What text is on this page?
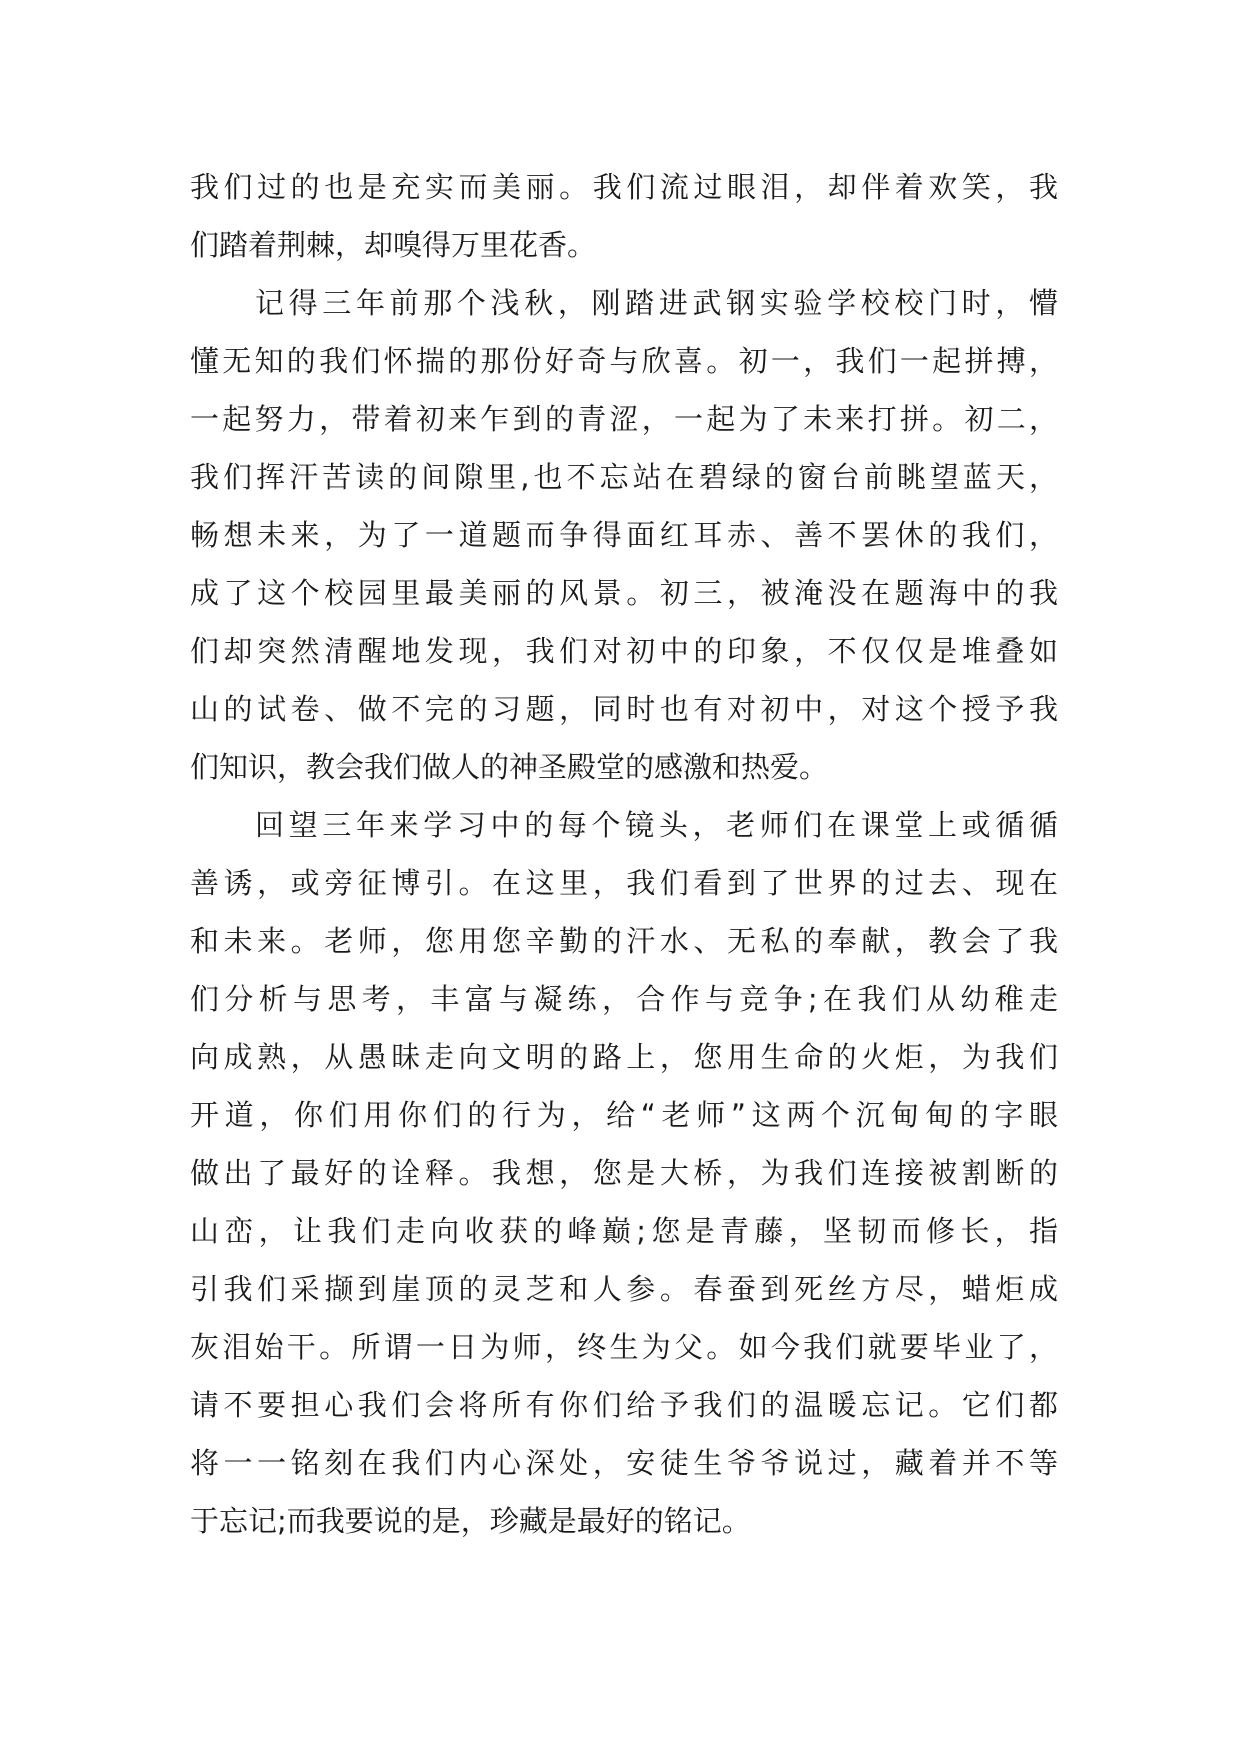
我们过的也是充实而美丽。我们流过眼泪，却伴着欢笑，我
们踏着荆棘，却嗅得万里花香。
记得三年前那个浅秋，刚踏进武钢实验学校校门时，懵
懂无知的我们怀揣的那份好奇与欣喜。初一，我们一起拼搏，
一起努力，带着初来乍到的青涩，一起为了未来打拼。初二，
我们挥汗苦读的间隙里,也不忘站在碧绿的窗台前眺望蓝天，
畅想未来，为了一道题而争得面红耳赤、善不罢休的我们，
成了这个校园里最美丽的风景。初三，被淹没在题海中的我
们却突然清醒地发现，我们对初中的印象，不仅仅是堆叠如
山的试卷、做不完的习题，同时也有对初中，对这个授予我
们知识，教会我们做人的神圣殿堂的感激和热爱。
回望三年来学习中的每个镜头，老师们在课堂上或循循
善诱，或旁征博引。在这里，我们看到了世界的过去、现在
和未来。老师，您用您辛勤的汗水、无私的奉献，教会了我
们分析与思考，丰富与凝练，合作与竞争;在我们从幼稚走
向成熟，从愚昧走向文明的路上，您用生命的火炬，为我们
开道，你们用你们的行为，给“老师”这两个沉甸甸的字眼
做出了最好的诠释。我想，您是大桥，为我们连接被割断的
山峦，让我们走向收获的峰巅;您是青藤，坚韧而修长，指
引我们采撷到崖顶的灵芝和人参。春蚕到死丝方尽，蜡炬成
灰泪始干。所谓一日为师，终生为父。如今我们就要毕业了，
请不要担心我们会将所有你们给予我们的温暖忘记。它们都
将一一铭刻在我们内心深处，安徒生爷爷说过，藏着并不等
于忘记;而我要说的是，珍藏是最好的铭记。
